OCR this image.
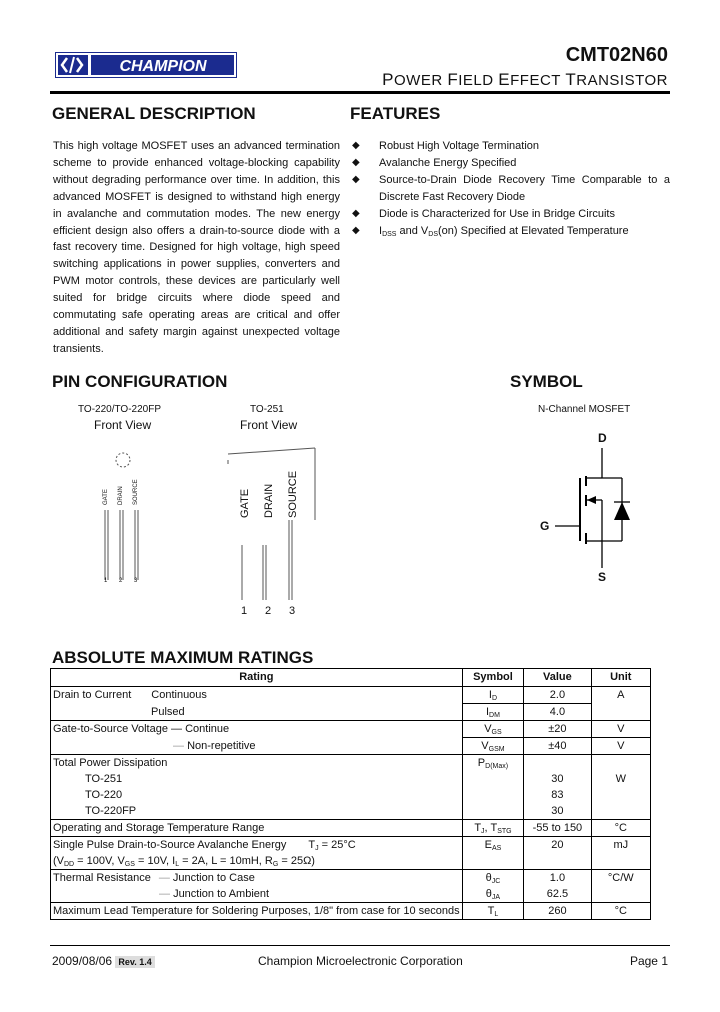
CHAMPION
CMT02N60
POWER FIELD EFFECT TRANSISTOR
GENERAL DESCRIPTION
This high voltage MOSFET uses an advanced termination scheme to provide enhanced voltage-blocking capability without degrading performance over time. In addition, this advanced MOSFET is designed to withstand high energy in avalanche and commutation modes. The new energy efficient design also offers a drain-to-source diode with a fast recovery time. Designed for high voltage, high speed switching applications in power supplies, converters and PWM motor controls, these devices are particularly well suited for bridge circuits where diode speed and commutating safe operating areas are critical and offer additional and safety margin against unexpected voltage transients.
FEATURES
◆ Robust High Voltage Termination
◆ Avalanche Energy Specified
◆ Source-to-Drain Diode Recovery Time Comparable to a Discrete Fast Recovery Diode
◆ Diode is Characterized for Use in Bridge Circuits
◆ $I_{DSS}$ and $V_{DS}(on)$ Specified at Elevated Temperature
PIN CONFIGURATION
TO-220/TO-220FP
Front View
TO-251
Front View
GATE DRAIN SOURCE
1 2 3
GATE DRAIN SOURCE
1 2 3
SYMBOL
N-Channel MOSFET
D
G
S
ABSOLUTE MAXIMUM RATINGS
Rating	Symbol	Value	Unit
Drain to Current Continuous	$I_D$	2.0	A
Pulsed	$I_{DM}$	4.0	
Gate-to-Source Voltage — Continue	$V_{GS}$	±20	V
— Non-repetitive	$V_{GSM}$	±40	V
Total Power Dissipation	$P_{D(Max)}$		
TO-251		30	W
TO-220		83	
TO-220FP		30	
Operating and Storage Temperature Range	$T_J$, $T_{STG}$	-55 to 150	°C
Single Pulse Drain-to-Source Avalanche Energy $T_J = 25^\circ C$	$E_{AS}$	20	mJ
($V_{DD} = 100V$, $V_{GS} = 10V$, $I_L = 2A$, L = 10mH, $R_G = 25\Omega$)			
Thermal Resistance — Junction to Case	$\theta_{JC}$	1.0	°C/W
— Junction to Ambient	$\theta_{JA}$	62.5	
Maximum Lead Temperature for Soldering Purposes, 1/8" from case for 10 seconds	$T_L$	260	°C
2009/08/06 Rev. 1.4	Champion Microelectronic Corporation	Page 1
